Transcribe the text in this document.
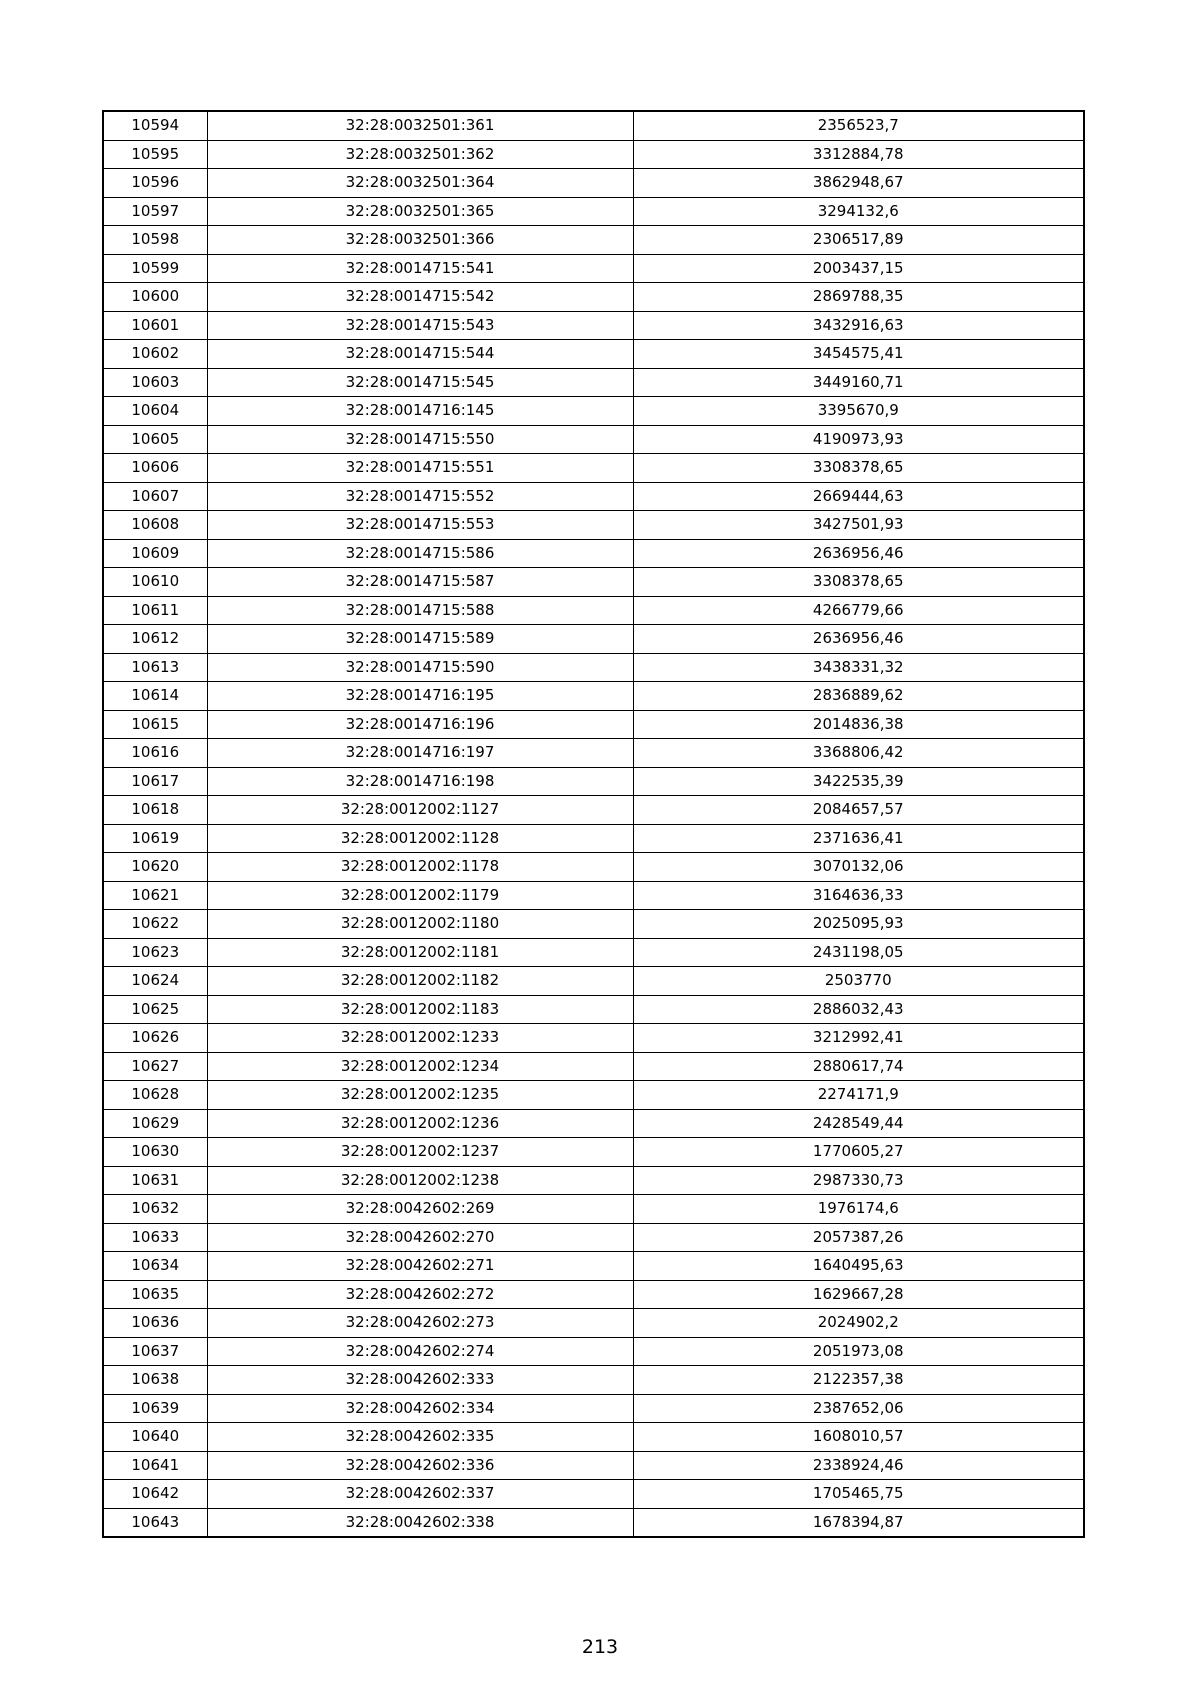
10594	32:28:0032501:361	2356523,7
10595	32:28:0032501:362	3312884,78
10596	32:28:0032501:364	3862948,67
10597	32:28:0032501:365	3294132,6
10598	32:28:0032501:366	2306517,89
10599	32:28:0014715:541	2003437,15
10600	32:28:0014715:542	2869788,35
10601	32:28:0014715:543	3432916,63
10602	32:28:0014715:544	3454575,41
10603	32:28:0014715:545	3449160,71
10604	32:28:0014716:145	3395670,9
10605	32:28:0014715:550	4190973,93
10606	32:28:0014715:551	3308378,65
10607	32:28:0014715:552	2669444,63
10608	32:28:0014715:553	3427501,93
10609	32:28:0014715:586	2636956,46
10610	32:28:0014715:587	3308378,65
10611	32:28:0014715:588	4266779,66
10612	32:28:0014715:589	2636956,46
10613	32:28:0014715:590	3438331,32
10614	32:28:0014716:195	2836889,62
10615	32:28:0014716:196	2014836,38
10616	32:28:0014716:197	3368806,42
10617	32:28:0014716:198	3422535,39
10618	32:28:0012002:1127	2084657,57
10619	32:28:0012002:1128	2371636,41
10620	32:28:0012002:1178	3070132,06
10621	32:28:0012002:1179	3164636,33
10622	32:28:0012002:1180	2025095,93
10623	32:28:0012002:1181	2431198,05
10624	32:28:0012002:1182	2503770
10625	32:28:0012002:1183	2886032,43
10626	32:28:0012002:1233	3212992,41
10627	32:28:0012002:1234	2880617,74
10628	32:28:0012002:1235	2274171,9
10629	32:28:0012002:1236	2428549,44
10630	32:28:0012002:1237	1770605,27
10631	32:28:0012002:1238	2987330,73
10632	32:28:0042602:269	1976174,6
10633	32:28:0042602:270	2057387,26
10634	32:28:0042602:271	1640495,63
10635	32:28:0042602:272	1629667,28
10636	32:28:0042602:273	2024902,2
10637	32:28:0042602:274	2051973,08
10638	32:28:0042602:333	2122357,38
10639	32:28:0042602:334	2387652,06
10640	32:28:0042602:335	1608010,57
10641	32:28:0042602:336	2338924,46
10642	32:28:0042602:337	1705465,75
10643	32:28:0042602:338	1678394,87
213
